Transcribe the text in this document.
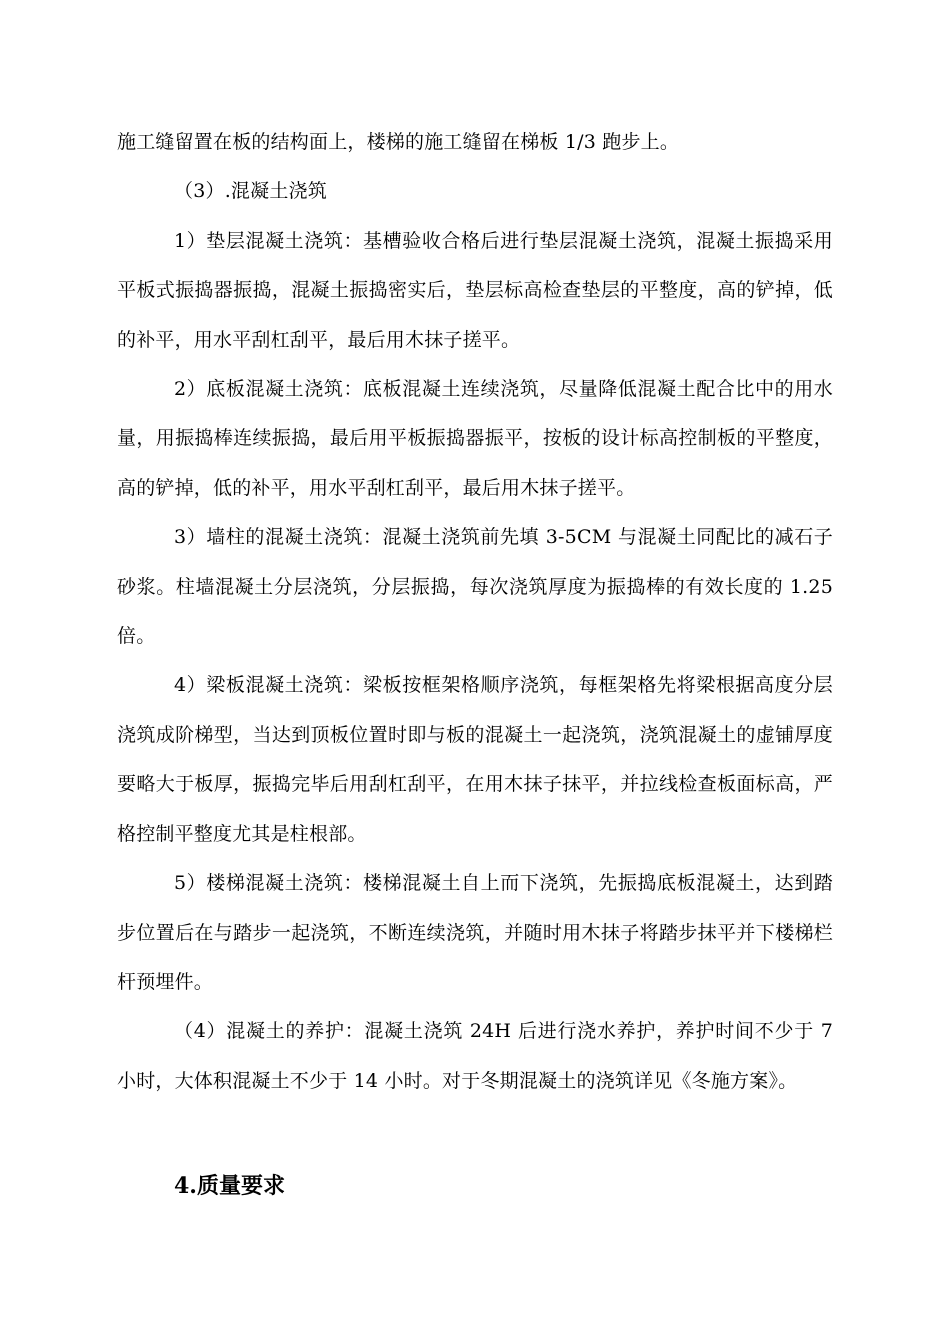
施工缝留置在板的结构面上，楼梯的施工缝留在梯板 1/3 跑步上。

（3）.混凝土浇筑

1）垫层混凝土浇筑：基槽验收合格后进行垫层混凝土浇筑，混凝土振捣采用平板式振捣器振捣，混凝土振捣密实后，垫层标高检查垫层的平整度，高的铲掉，低的补平，用水平刮杠刮平，最后用木抹子搓平。

2）底板混凝土浇筑：底板混凝土连续浇筑，尽量降低混凝土配合比中的用水量，用振捣棒连续振捣，最后用平板振捣器振平，按板的设计标高控制板的平整度，高的铲掉，低的补平，用水平刮杠刮平，最后用木抹子搓平。

3）墙柱的混凝土浇筑：混凝土浇筑前先填 3-5CM 与混凝土同配比的减石子砂浆。柱墙混凝土分层浇筑，分层振捣，每次浇筑厚度为振捣棒的有效长度的 1.25 倍。

4）梁板混凝土浇筑：梁板按框架格顺序浇筑，每框架格先将梁根据高度分层浇筑成阶梯型，当达到顶板位置时即与板的混凝土一起浇筑，浇筑混凝土的虚铺厚度要略大于板厚，振捣完毕后用刮杠刮平，在用木抹子抹平，并拉线检查板面标高，严格控制平整度尤其是柱根部。

5）楼梯混凝土浇筑：楼梯混凝土自上而下浇筑，先振捣底板混凝土，达到踏步位置后在与踏步一起浇筑，不断连续浇筑，并随时用木抹子将踏步抹平并下楼梯栏杆预埋件。

（4）混凝土的养护：混凝土浇筑 24H 后进行浇水养护，养护时间不少于 7 小时，大体积混凝土不少于 14 小时。对于冬期混凝土的浇筑详见《冬施方案》。

4.质量要求
